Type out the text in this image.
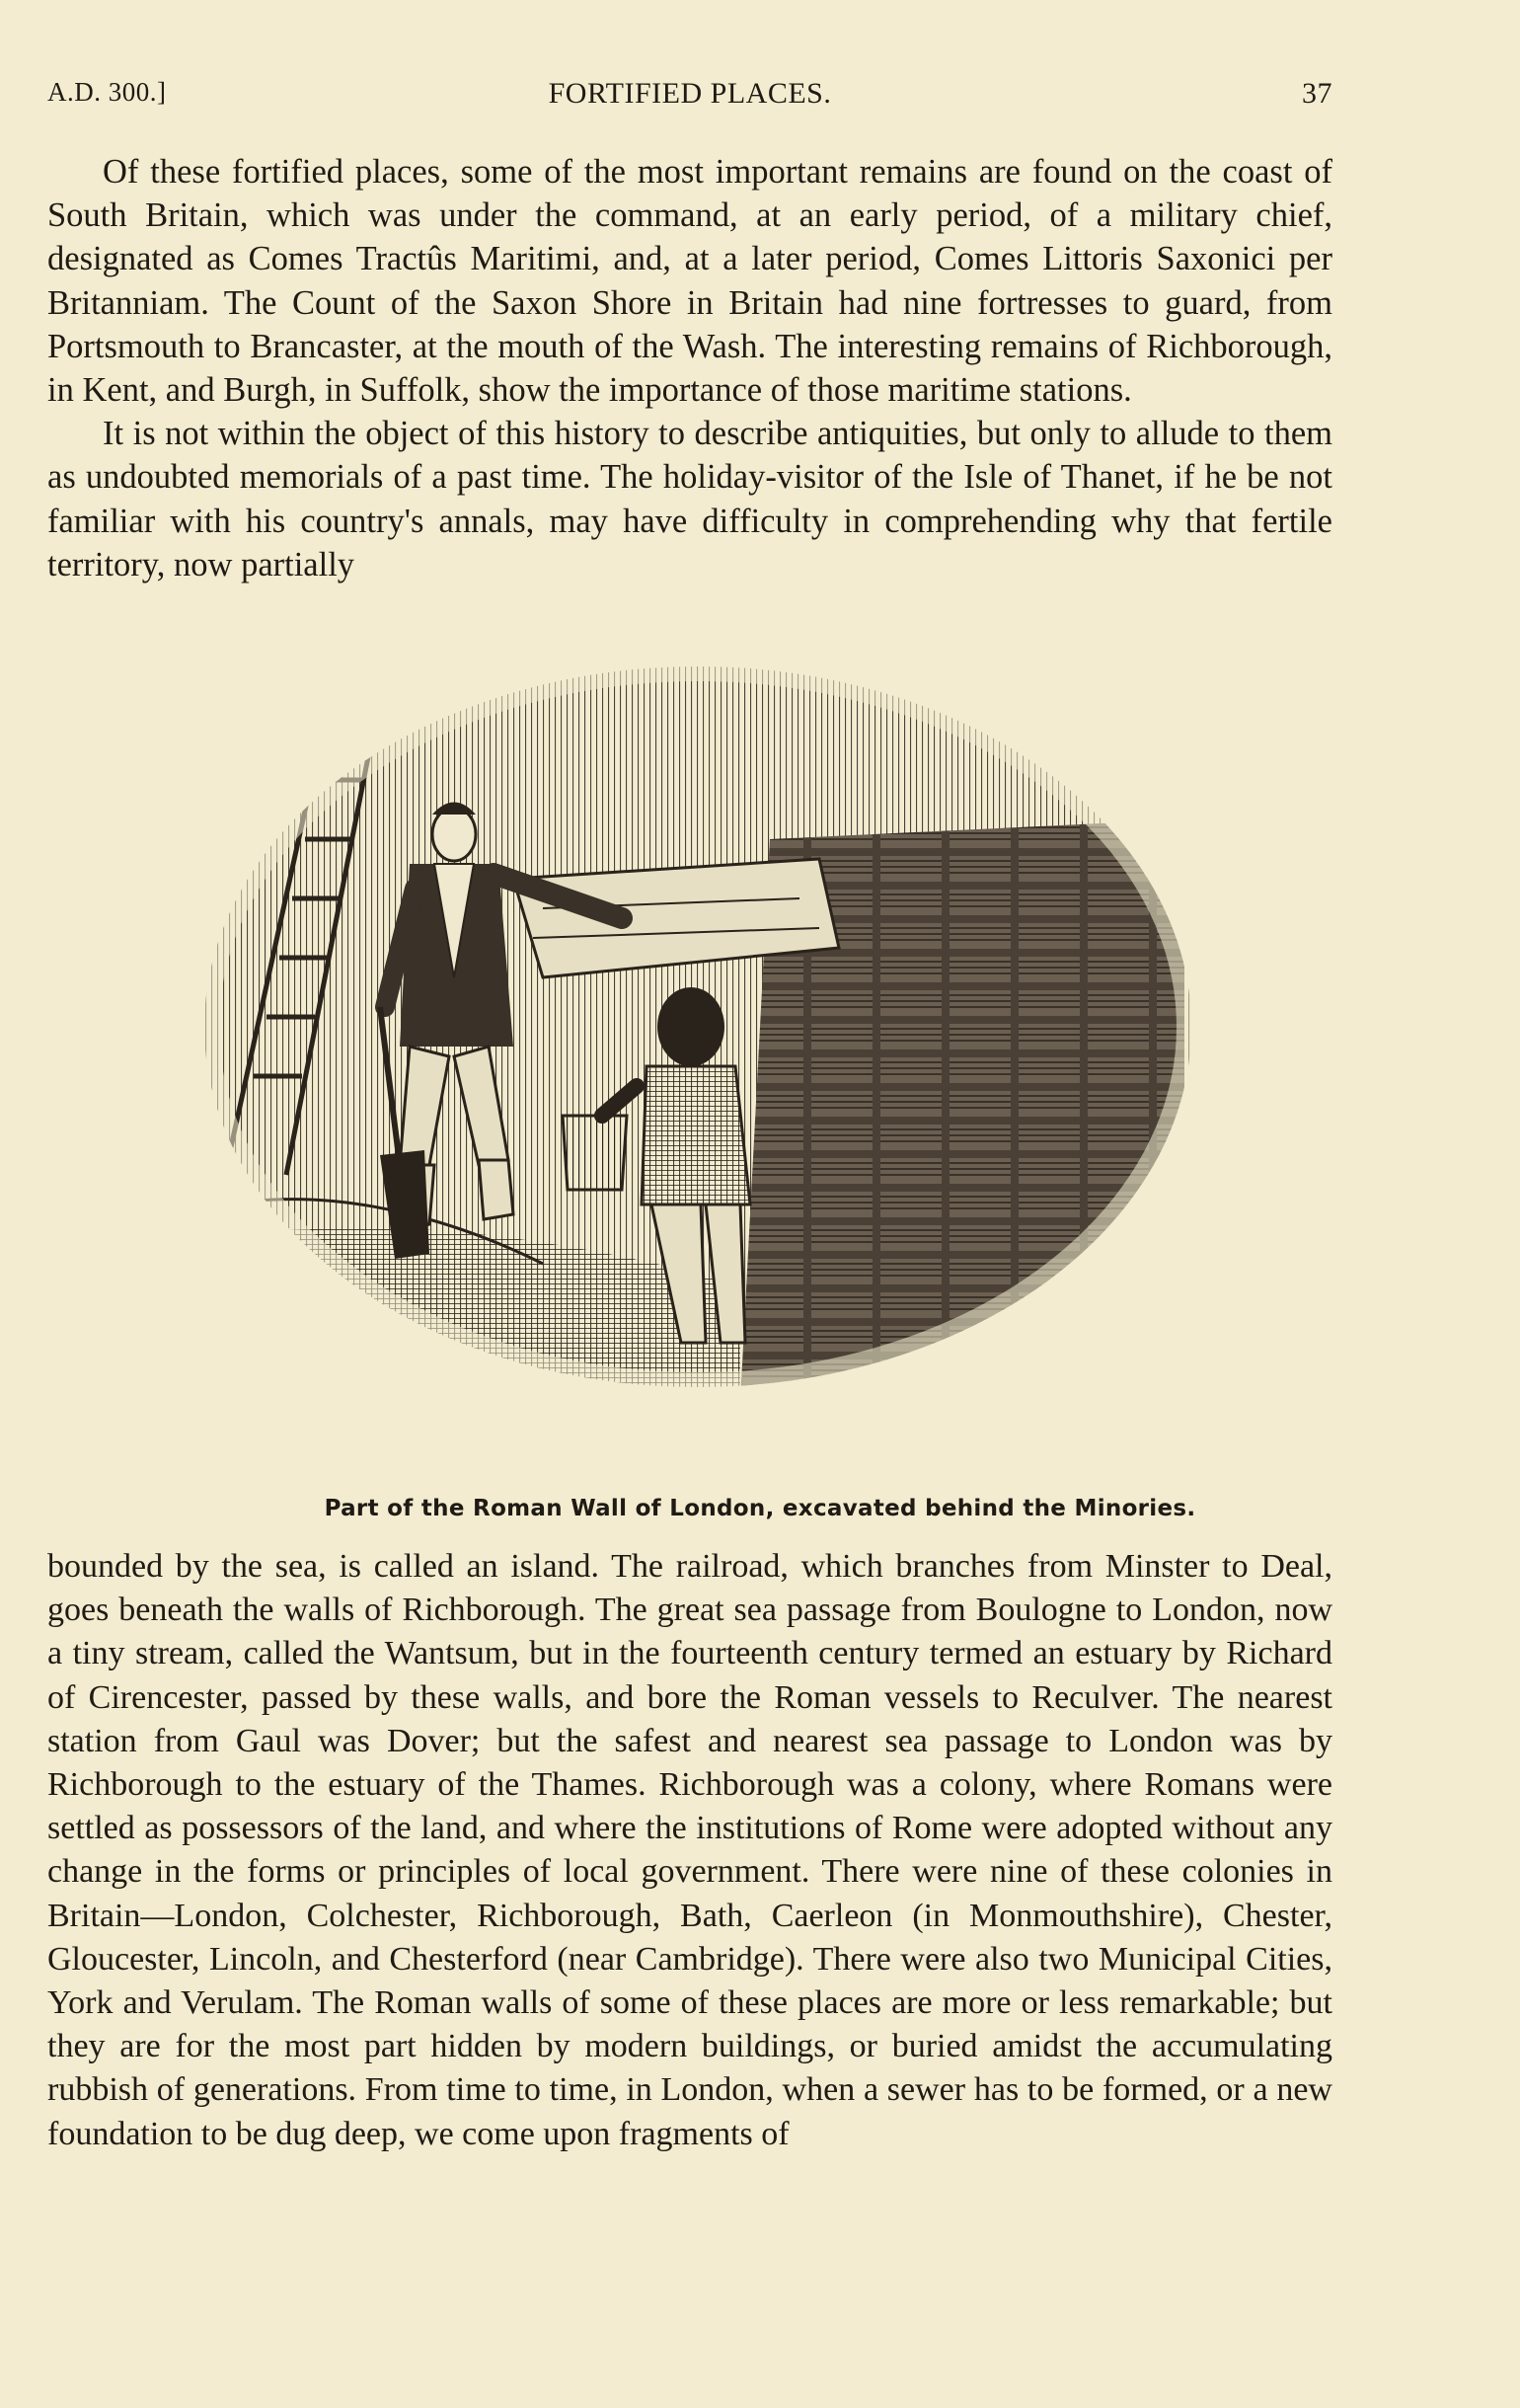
A.D. 300.]	FORTIFIED PLACES.	37

Of these fortified places, some of the most important remains are found on the coast of South Britain, which was under the command, at an early period, of a military chief, designated as Comes Tractûs Maritimi, and, at a later period, Comes Littoris Saxonici per Britanniam. The Count of the Saxon Shore in Britain had nine fortresses to guard, from Portsmouth to Brancaster, at the mouth of the Wash. The interesting remains of Richborough, in Kent, and Burgh, in Suffolk, show the importance of those maritime stations.

It is not within the object of this history to describe antiquities, but only to allude to them as undoubted memorials of a past time. The holiday-visitor of the Isle of Thanet, if he be not familiar with his country's annals, may have difficulty in comprehending why that fertile territory, now partially

Part of the Roman Wall of London, excavated behind the Minories.

bounded by the sea, is called an island. The railroad, which branches from Minster to Deal, goes beneath the walls of Richborough. The great sea passage from Boulogne to London, now a tiny stream, called the Wantsum, but in the fourteenth century termed an estuary by Richard of Cirencester, passed by these walls, and bore the Roman vessels to Reculver. The nearest station from Gaul was Dover; but the safest and nearest sea passage to London was by Richborough to the estuary of the Thames. Richborough was a colony, where Romans were settled as possessors of the land, and where the institutions of Rome were adopted without any change in the forms or principles of local government. There were nine of these colonies in Britain—London, Colchester, Richborough, Bath, Caerleon (in Monmouthshire), Chester, Gloucester, Lincoln, and Chesterford (near Cambridge). There were also two Municipal Cities, York and Verulam. The Roman walls of some of these places are more or less remarkable; but they are for the most part hidden by modern buildings, or buried amidst the accumulating rubbish of generations. From time to time, in London, when a sewer has to be formed, or a new foundation to be dug deep, we come upon fragments of
